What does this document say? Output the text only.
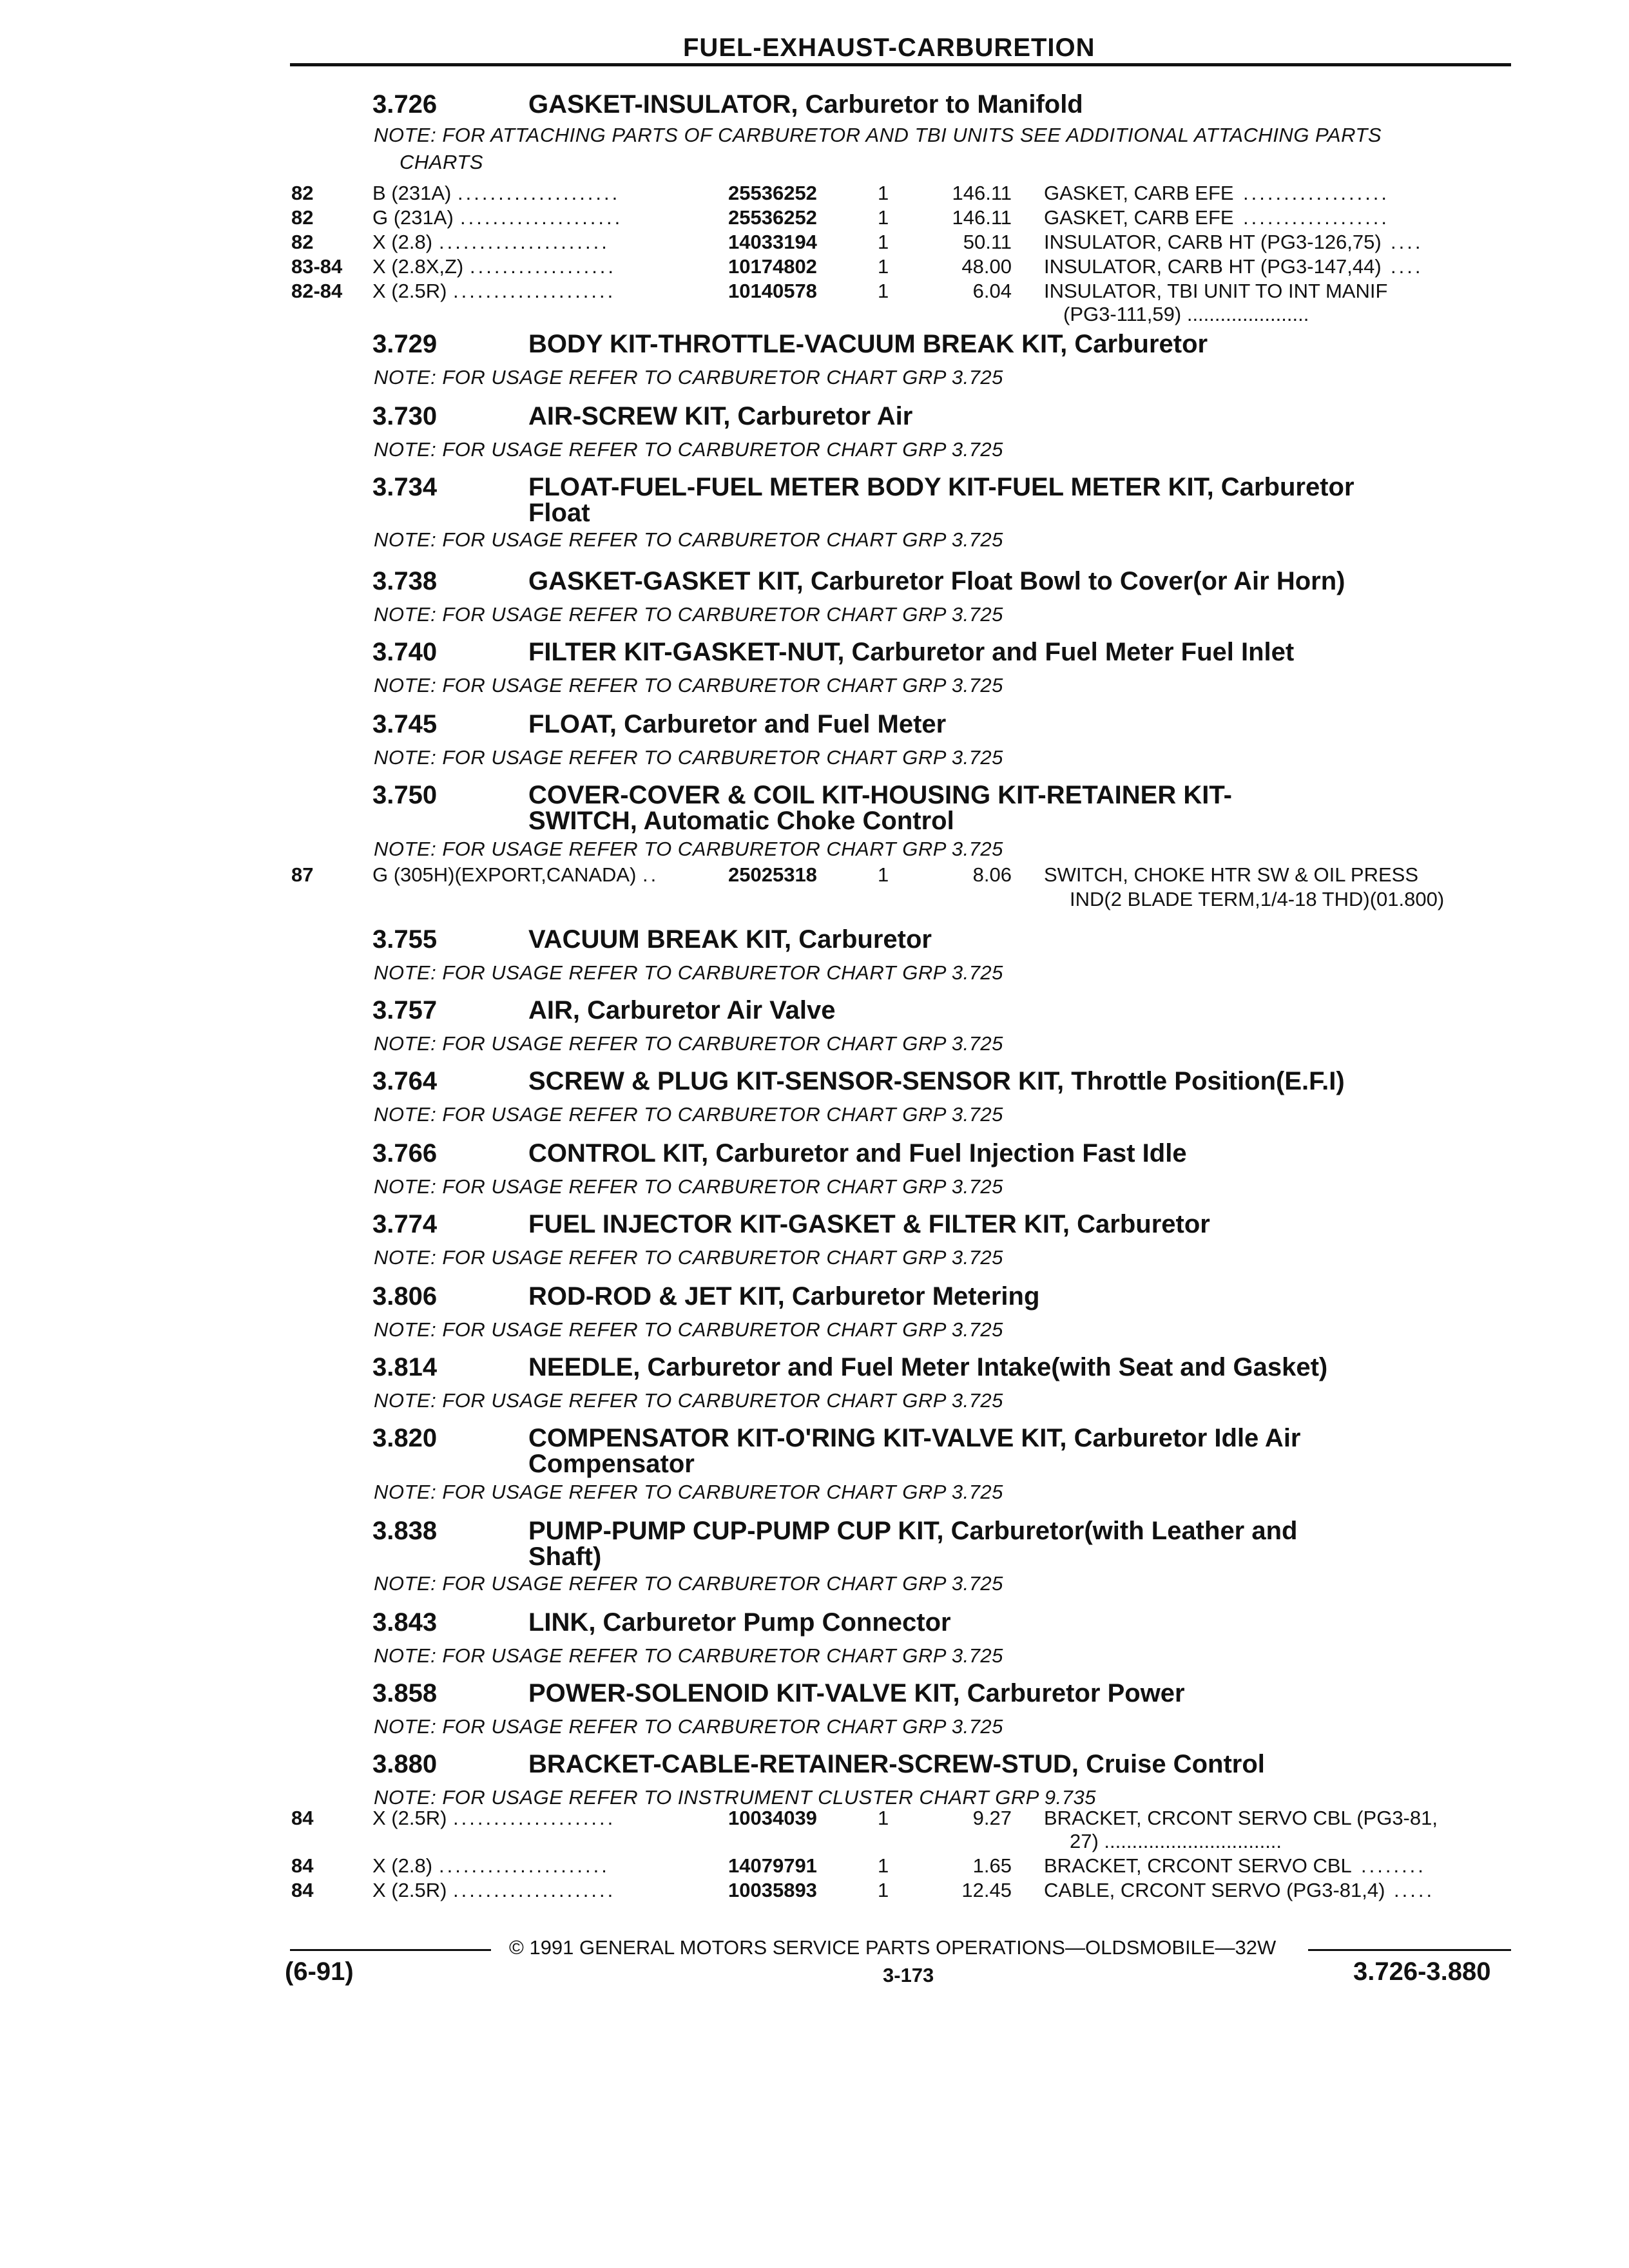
FUEL-EXHAUST-CARBURETION
3.726	GASKET-INSULATOR, Carburetor to Manifold
NOTE: FOR ATTACHING PARTS OF CARBURETOR AND TBI UNITS SEE ADDITIONAL ATTACHING PARTS
CHARTS
82	B (231A) ....................	25536252	1	146.11 GASKET, CARB EFE ..................
82	G (231A) ....................	25536252	1	146.11 GASKET, CARB EFE ..................
82	X (2.8) .....................	14033194	1	50.11 INSULATOR, CARB HT (PG3-126,75) ....
83-84 X (2.8X,Z) ..................	10174802	1	48.00 INSULATOR, CARB HT (PG3-147,44) ....
82-84 X (2.5R) ....................	10140578	1	6.04 INSULATOR, TBI UNIT TO INT MANIF
(PG3-111,59) ......................
3.729	BODY KIT-THROTTLE-VACUUM BREAK KIT, Carburetor
NOTE: FOR USAGE REFER TO CARBURETOR CHART GRP 3.725
3.730	AIR-SCREW KIT, Carburetor Air
NOTE: FOR USAGE REFER TO CARBURETOR CHART GRP 3.725
3.734	FLOAT-FUEL-FUEL METER BODY KIT-FUEL METER KIT, Carburetor
Float
NOTE: FOR USAGE REFER TO CARBURETOR CHART GRP 3.725
3.738	GASKET-GASKET KIT, Carburetor Float Bowl to Cover(or Air Horn)
NOTE: FOR USAGE REFER TO CARBURETOR CHART GRP 3.725
3.740	FILTER KIT-GASKET-NUT, Carburetor and Fuel Meter Fuel Inlet
NOTE: FOR USAGE REFER TO CARBURETOR CHART GRP 3.725
3.745	FLOAT, Carburetor and Fuel Meter
NOTE: FOR USAGE REFER TO CARBURETOR CHART GRP 3.725
3.750	COVER-COVER & COIL KIT-HOUSING KIT-RETAINER KIT-
SWITCH, Automatic Choke Control
NOTE: FOR USAGE REFER TO CARBURETOR CHART GRP 3.725
87	G (305H)(EXPORT,CANADA) ..	25025318	1	8.06 SWITCH, CHOKE HTR SW & OIL PRESS
IND(2 BLADE TERM,1/4-18 THD)(01.800)
3.755	VACUUM BREAK KIT, Carburetor
NOTE: FOR USAGE REFER TO CARBURETOR CHART GRP 3.725
3.757	AIR, Carburetor Air Valve
NOTE: FOR USAGE REFER TO CARBURETOR CHART GRP 3.725
3.764	SCREW & PLUG KIT-SENSOR-SENSOR KIT, Throttle Position(E.F.I)
NOTE: FOR USAGE REFER TO CARBURETOR CHART GRP 3.725
3.766	CONTROL KIT, Carburetor and Fuel Injection Fast Idle
NOTE: FOR USAGE REFER TO CARBURETOR CHART GRP 3.725
3.774	FUEL INJECTOR KIT-GASKET & FILTER KIT, Carburetor
NOTE: FOR USAGE REFER TO CARBURETOR CHART GRP 3.725
3.806	ROD-ROD & JET KIT, Carburetor Metering
NOTE: FOR USAGE REFER TO CARBURETOR CHART GRP 3.725
3.814	NEEDLE, Carburetor and Fuel Meter Intake(with Seat and Gasket)
NOTE: FOR USAGE REFER TO CARBURETOR CHART GRP 3.725
3.820	COMPENSATOR KIT-O'RING KIT-VALVE KIT, Carburetor Idle Air
Compensator
NOTE: FOR USAGE REFER TO CARBURETOR CHART GRP 3.725
3.838	PUMP-PUMP CUP-PUMP CUP KIT, Carburetor(with Leather and
Shaft)
NOTE: FOR USAGE REFER TO CARBURETOR CHART GRP 3.725
3.843	LINK, Carburetor Pump Connector
NOTE: FOR USAGE REFER TO CARBURETOR CHART GRP 3.725
3.858	POWER-SOLENOID KIT-VALVE KIT, Carburetor Power
NOTE: FOR USAGE REFER TO CARBURETOR CHART GRP 3.725
3.880	BRACKET-CABLE-RETAINER-SCREW-STUD, Cruise Control
NOTE: FOR USAGE REFER TO INSTRUMENT CLUSTER CHART GRP 9.735
84	X (2.5R) ....................	10034039	1	9.27 BRACKET, CRCONT SERVO CBL (PG3-81,
27) ................................
84	X (2.8) .....................	14079791	1	1.65 BRACKET, CRCONT SERVO CBL ........
84	X (2.5R) ....................	10035893	1	12.45 CABLE, CRCONT SERVO (PG3-81,4) .....
© 1991 GENERAL MOTORS SERVICE PARTS OPERATIONS—OLDSMOBILE—32W
(6-91)	3-173	3.726-3.880
